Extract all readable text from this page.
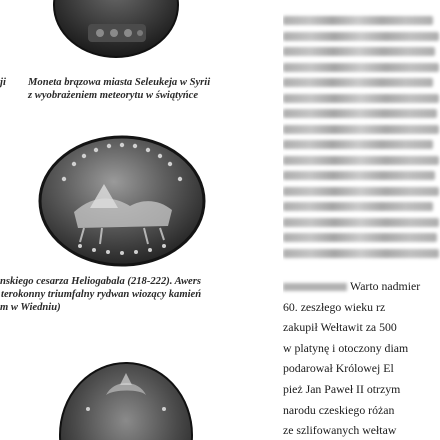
ji Moneta brązowa miasta Seleukeja w Syrii
z wyobrażeniem meteorytu w świątyńce
nskiego cesarza Heliogabala (218-222). Awers
terokonny triumfalny rydwan wiozący kamień
m w Wiedniu)
Warto nadmier
60. zeszłego wieku rz
zakupił Wełtawit za 500
w platynę i otoczony diam
podarował Królowej El
pież Jan Paweł II otrzym
narodu czeskiego różan
ze szlifowanych wełtaw
